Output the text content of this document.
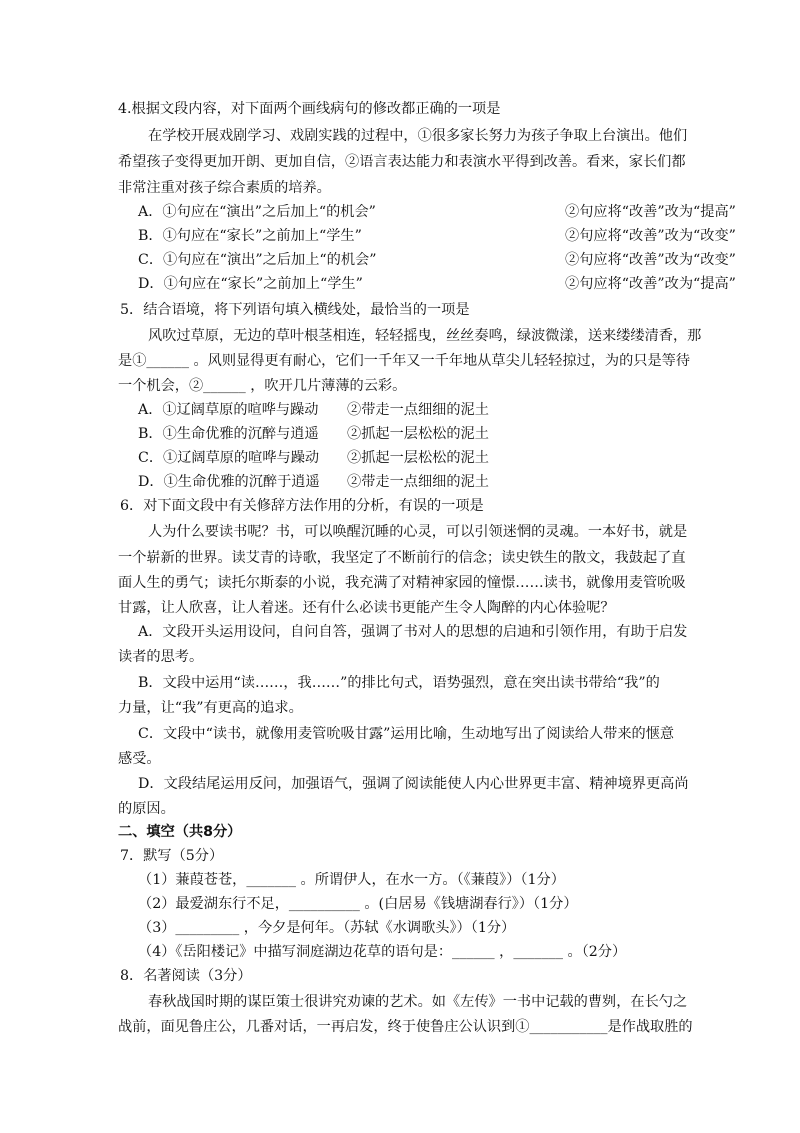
4.根据文段内容，对下面两个画线病句的修改都正确的一项是
在学校开展戏剧学习、戏剧实践的过程中，①很多家长努力为孩子争取上台演出。他们
希望孩子变得更加开朗、更加自信，②语言表达能力和表演水平得到改善。看来，家长们都
非常注重对孩子综合素质的培养。
A．①句应在“演出”之后加上“的机会”	②句应将“改善”改为“提高”
B．①句应在“家长”之前加上“学生”	②句应将“改善”改为“改变”
C．①句应在“演出”之后加上“的机会”	②句应将“改善”改为“改变”
D．①句应在“家长”之前加上“学生”	②句应将“改善”改为“提高”
5．结合语境，将下列语句填入横线处，最恰当的一项是
风吹过草原，无边的草叶根茎相连，轻轻摇曳，丝丝奏鸣，绿波微漾，送来缕缕清香，那
是①______ 。风则显得更有耐心，它们一千年又一千年地从草尖儿轻轻掠过，为的只是等待
一个机会，②______ ，吹开几片薄薄的云彩。
A．①辽阔草原的喧哗与躁动 ②带走一点细细的泥土
B．①生命优雅的沉醉与逍遥 ②抓起一层松松的泥土
C．①辽阔草原的喧哗与躁动 ②抓起一层松松的泥土
D．①生命优雅的沉醉于逍遥 ②带走一点细细的泥土
6．对下面文段中有关修辞方法作用的分析，有误的一项是
人为什么要读书呢？书，可以唤醒沉睡的心灵，可以引领迷惘的灵魂。一本好书，就是
一个崭新的世界。读艾青的诗歌，我坚定了不断前行的信念；读史铁生的散文，我鼓起了直
面人生的勇气；读托尔斯泰的小说，我充满了对精神家园的憧憬……读书，就像用麦管吮吸
甘露，让人欣喜，让人着迷。还有什么必读书更能产生令人陶醉的内心体验呢？
A．文段开头运用设问，自问自答，强调了书对人的思想的启迪和引领作用，有助于启发
读者的思考。
B．文段中运用“读……，我……”的排比句式，语势强烈，意在突出读书带给“我”的
力量，让“我”有更高的追求。
C．文段中“读书，就像用麦管吮吸甘露”运用比喻，生动地写出了阅读给人带来的惬意
感受。
D．文段结尾运用反问，加强语气，强调了阅读能使人内心世界更丰富、精神境界更高尚
的原因。
二、填空（共8分）
7．默写（5分）
（1）蒹葭苍苍，_______ 。所谓伊人，在水一方。（《蒹葭》）（1分）
（2）最爱湖东行不足，__________ 。(白居易《钱塘湖春行》）（1分）
（3）_________ ，今夕是何年。（苏轼《水调歌头》）（1分）
（4）《岳阳楼记》中描写洞庭湖边花草的语句是：______ ，_______ 。（2分）
8．名著阅读（3分）
春秋战国时期的谋臣策士很讲究劝谏的艺术。如《左传》一书中记载的曹刿，在长勺之
战前，面见鲁庄公，几番对话，一再启发，终于使鲁庄公认识到①___________是作战取胜的
